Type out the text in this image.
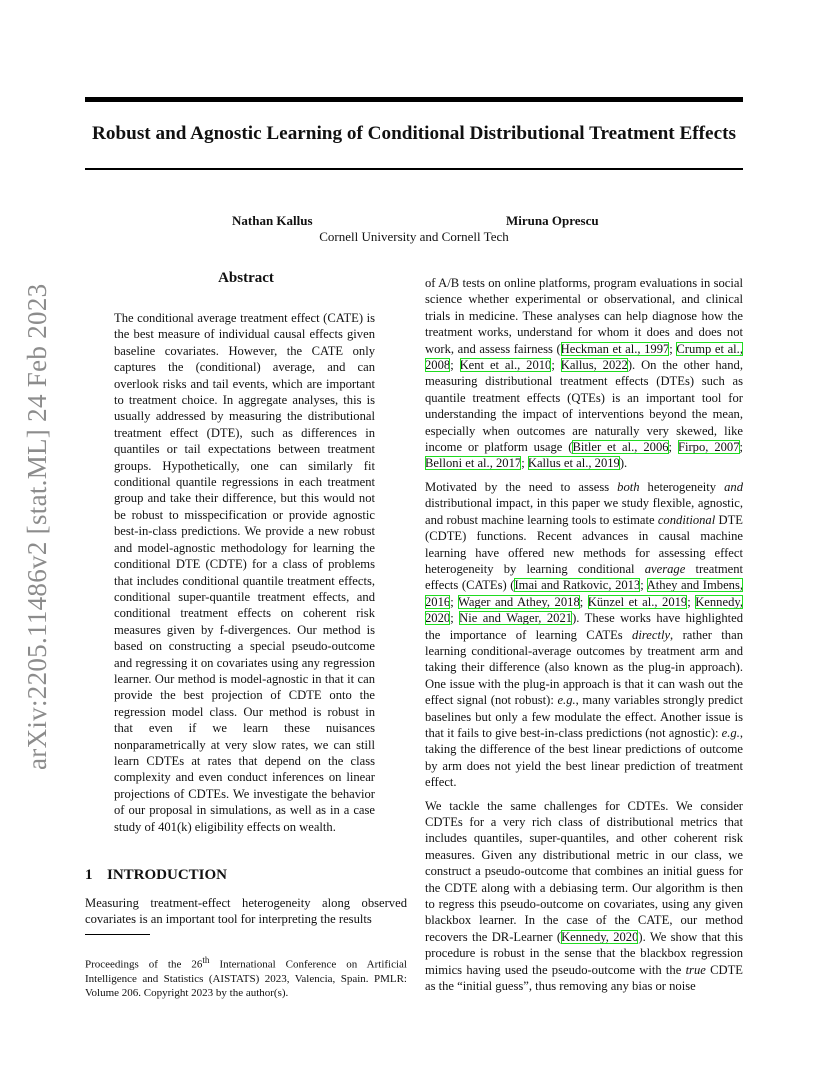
Robust and Agnostic Learning of Conditional Distributional Treatment Effects
Nathan Kallus	Miruna Oprescu
Cornell University and Cornell Tech
arXiv:2205.11486v2 [stat.ML] 24 Feb 2023
Abstract

The conditional average treatment effect (CATE) is the best measure of individual causal effects given baseline covariates. However, the CATE only captures the (conditional) average, and can overlook risks and tail events, which are important to treatment choice. In aggregate analyses, this is usually addressed by measuring the distributional treatment effect (DTE), such as differences in quantiles or tail expectations between treatment groups. Hypothetically, one can similarly fit conditional quantile regressions in each treatment group and take their difference, but this would not be robust to misspecification or provide agnostic best-in-class predictions. We provide a new robust and model-agnostic methodology for learning the conditional DTE (CDTE) for a class of problems that includes conditional quantile treatment effects, conditional super-quantile treatment effects, and conditional treatment effects on coherent risk measures given by f-divergences. Our method is based on constructing a special pseudo-outcome and regressing it on covariates using any regression learner. Our method is model-agnostic in that it can provide the best projection of CDTE onto the regression model class. Our method is robust in that even if we learn these nuisances nonparametrically at very slow rates, we can still learn CDTEs at rates that depend on the class complexity and even conduct inferences on linear projections of CDTEs. We investigate the behavior of our proposal in simulations, as well as in a case study of 401(k) eligibility effects on wealth.

1 INTRODUCTION

Measuring treatment-effect heterogeneity along observed covariates is an important tool for interpreting the results

Proceedings of the 26th International Conference on Artificial Intelligence and Statistics (AISTATS) 2023, Valencia, Spain. PMLR: Volume 206. Copyright 2023 by the author(s).

of A/B tests on online platforms, program evaluations in social science whether experimental or observational, and clinical trials in medicine. These analyses can help diagnose how the treatment works, understand for whom it does and does not work, and assess fairness (Heckman et al., 1997; Crump et al., 2008; Kent et al., 2010; Kallus, 2022). On the other hand, measuring distributional treatment effects (DTEs) such as quantile treatment effects (QTEs) is an important tool for understanding the impact of interventions beyond the mean, especially when outcomes are naturally very skewed, like income or platform usage (Bitler et al., 2006; Firpo, 2007; Belloni et al., 2017; Kallus et al., 2019).

Motivated by the need to assess both heterogeneity and distributional impact, in this paper we study flexible, agnostic, and robust machine learning tools to estimate conditional DTE (CDTE) functions. Recent advances in causal machine learning have offered new methods for assessing effect heterogeneity by learning conditional average treatment effects (CATEs) (Imai and Ratkovic, 2013; Athey and Imbens, 2016; Wager and Athey, 2018; Künzel et al., 2019; Kennedy, 2020; Nie and Wager, 2021). These works have highlighted the importance of learning CATEs directly, rather than learning conditional-average outcomes by treatment arm and taking their difference (also known as the plug-in approach). One issue with the plug-in approach is that it can wash out the effect signal (not robust): e.g., many variables strongly predict baselines but only a few modulate the effect. Another issue is that it fails to give best-in-class predictions (not agnostic): e.g., taking the difference of the best linear predictions of outcome by arm does not yield the best linear prediction of treatment effect.

We tackle the same challenges for CDTEs. We consider CDTEs for a very rich class of distributional metrics that includes quantiles, super-quantiles, and other coherent risk measures. Given any distributional metric in our class, we construct a pseudo-outcome that combines an initial guess for the CDTE along with a debiasing term. Our algorithm is then to regress this pseudo-outcome on covariates, using any given blackbox learner. In the case of the CATE, our method recovers the DR-Learner (Kennedy, 2020). We show that this procedure is robust in the sense that the blackbox regression mimics having used the pseudo-outcome with the true CDTE as the “initial guess”, thus removing any bias or noise
